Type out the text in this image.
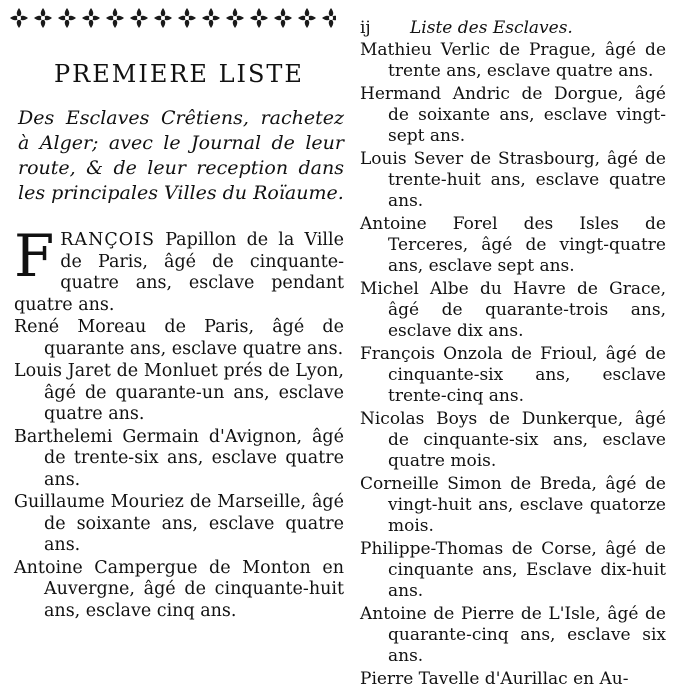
PREMIERE LISTE
Des Esclaves Crêtiens, rachetez à Alger; avec le Journal de leur route, & de leur reception dans les principales Villes du Roïaume.
FRANÇOIS Papillon de la Ville de Paris, âgé de cinquante-quatre ans, esclave pendant quatre ans.

René Moreau de Paris, âgé de quarante ans, esclave quatre ans.

Louis Jaret de Monluet prés de Lyon, âgé de quarante-un ans, esclave quatre ans.

Barthelemi Germain d'Avignon, âgé de trente-six ans, esclave quatre ans.

Guillaume Mouriez de Marseille, âgé de soixante ans, esclave quatre ans.

Antoine Campergue de Monton en Auvergne, âgé de cinquante-huit ans, esclave cinq ans.

ij	Liste des Esclaves.

Mathieu Verlic de Prague, âgé de trente ans, esclave quatre ans.

Hermand Andric de Dorgue, âgé de soixante ans, esclave vingt-sept ans.

Louis Sever de Strasbourg, âgé de trente-huit ans, esclave quatre ans.

Antoine Forel des Isles de Terceres, âgé de vingt-quatre ans, esclave sept ans.

Michel Albe du Havre de Grace, âgé de quarante-trois ans, esclave dix ans.

François Onzola de Frioul, âgé de cinquante-six ans, esclave trente-cinq ans.

Nicolas Boys de Dunkerque, âgé de cinquante-six ans, esclave quatre mois.

Corneille Simon de Breda, âgé de vingt-huit ans, esclave quatorze mois.

Philippe-Thomas de Corse, âgé de cinquante ans, Esclave dix-huit ans.

Antoine de Pierre de L'Isle, âgé de quarante-cinq ans, esclave six ans.

Pierre Tavelle d'Aurillac en Au-
